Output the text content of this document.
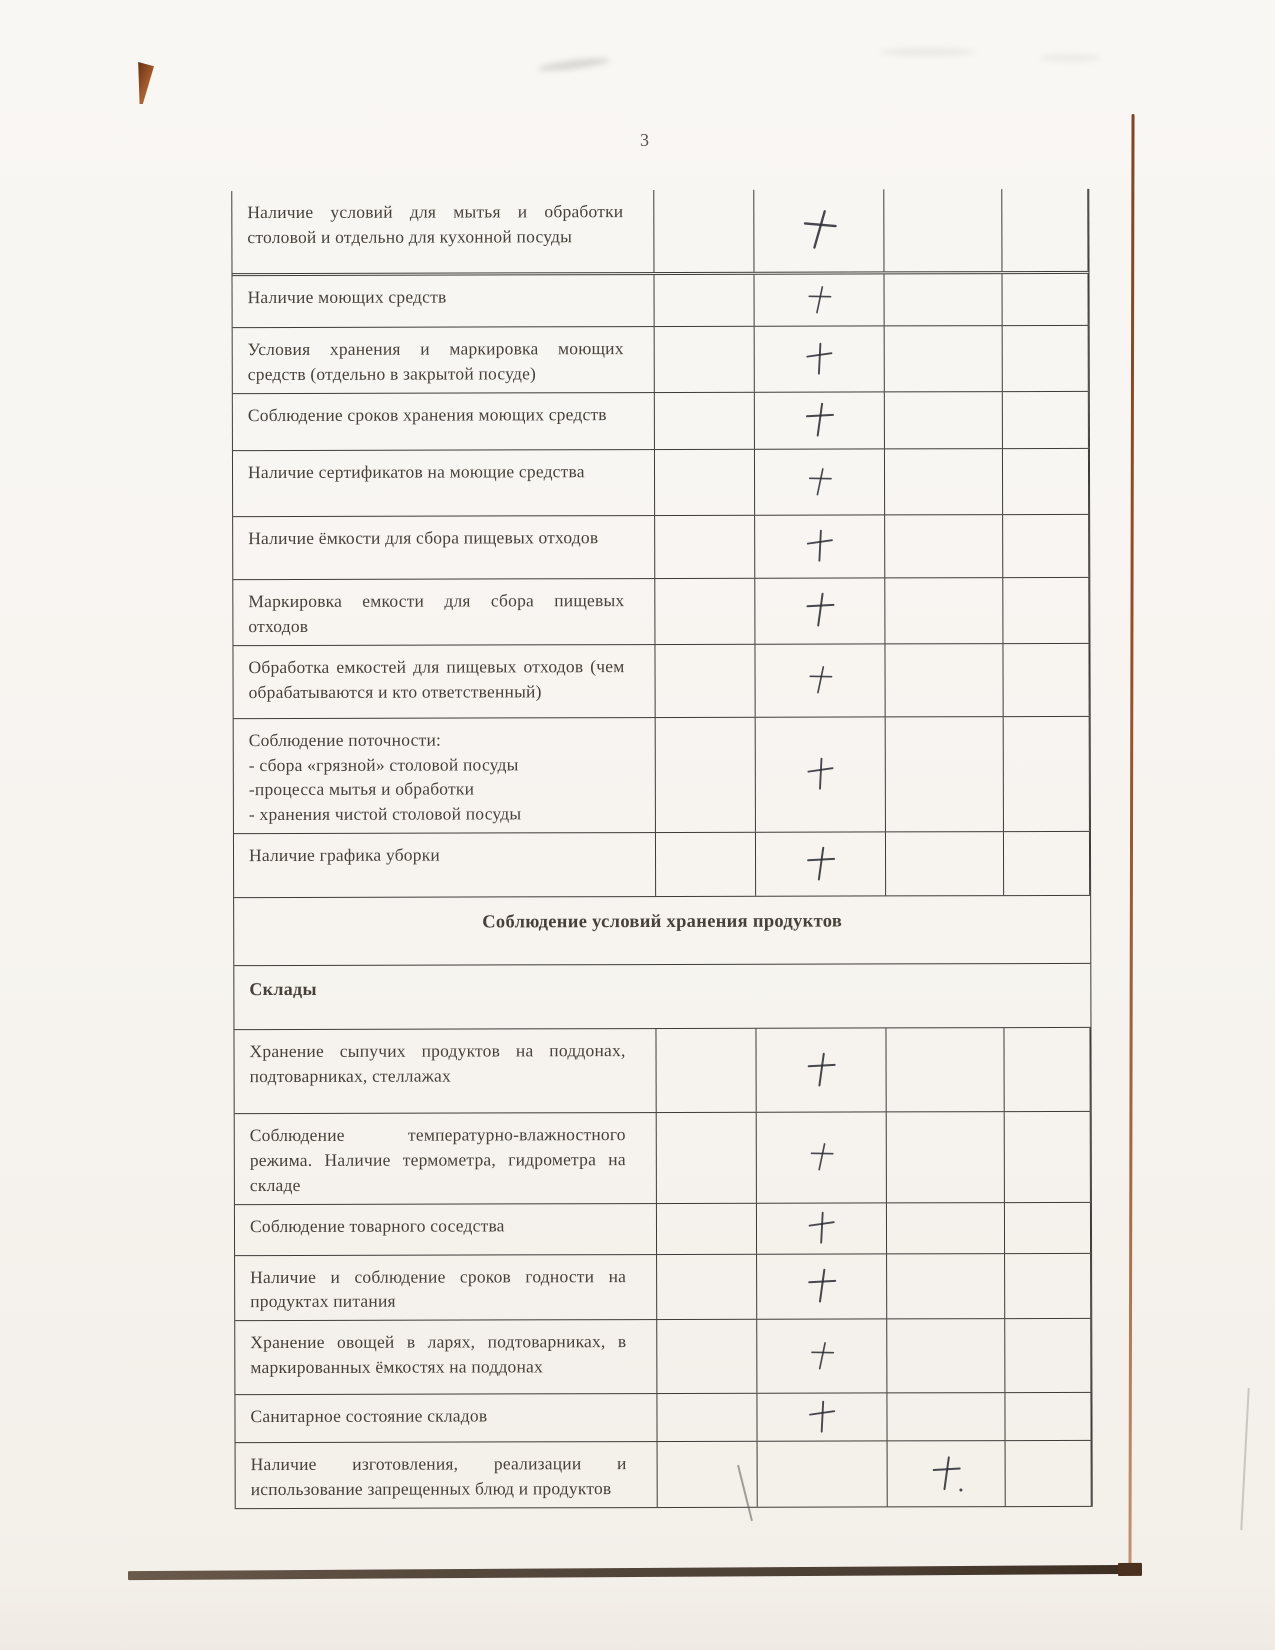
3
Наличие условий для мытья и обработки столовой и отдельно для кухонной посуды
Наличие моющих средств
Условия хранения и маркировка моющих средств (отдельно в закрытой посуде)
Соблюдение сроков хранения моющих средств
Наличие сертификатов на моющие средства
Наличие ёмкости для сбора пищевых отходов
Маркировка емкости для сбора пищевых отходов
Обработка емкостей для пищевых отходов (чем обрабатываются и кто ответственный)
Соблюдение поточности:
- сбора «грязной» столовой посуды
-процесса мытья и обработки
- хранения чистой столовой посуды
Наличие графика уборки
Соблюдение условий хранения продуктов
Склады
Хранение сыпучих продуктов на поддонах, подтоварниках, стеллажах
Соблюдение температурно-влажностного режима. Наличие термометра, гидрометра на складе
Соблюдение товарного соседства
Наличие и соблюдение сроков годности на продуктах питания
Хранение овощей в ларях, подтоварниках, в маркированных ёмкостях на поддонах
Санитарное состояние складов
Наличие изготовления, реализации и использование запрещенных блюд и продуктов
